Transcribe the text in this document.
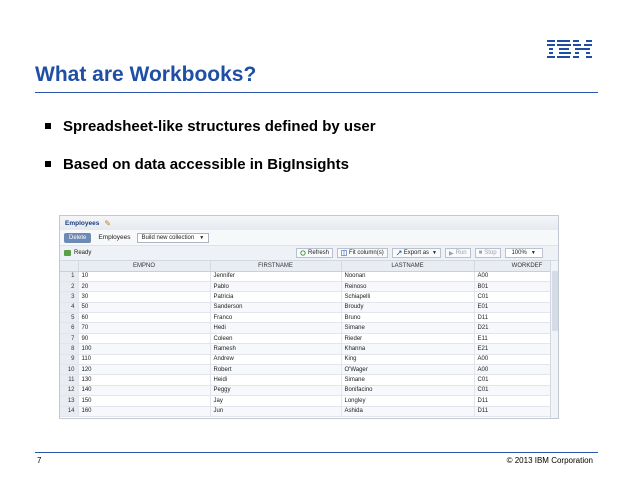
What are Workbooks?
Spreadsheet-like structures defined by user
Based on data accessible in BigInsights
Employees ✎
Delete	Employees Build new collection ▼
Ready	Refresh	Fit column(s)	Export as ▼ ▶ Run ■ Stop 100% ▼
	EMPNO	FIRSTNAME	LASTNAME	WORKDEF
1	10	Jennifer	Noonan	A00
2	20	Pablo	Reinoso	B01
3	30	Patricia	Schiapelli	C01
4	50	Sanderson	Broudy	E01
5	60	Franco	Bruno	D11
6	70	Hedi	Simane	D21
7	90	Coleen	Rieder	E11
8	100	Ramesh	Khanna	E21
9	110	Andrew	King	A00
10	120	Robert	O'Wager	A00
11	130	Heidi	Simane	C01
12	140	Peggy	Bonifacino	C01
13	150	Jay	Longley	D11
14	160	Jun	Ashida	D11
7	© 2013 IBM Corporation
